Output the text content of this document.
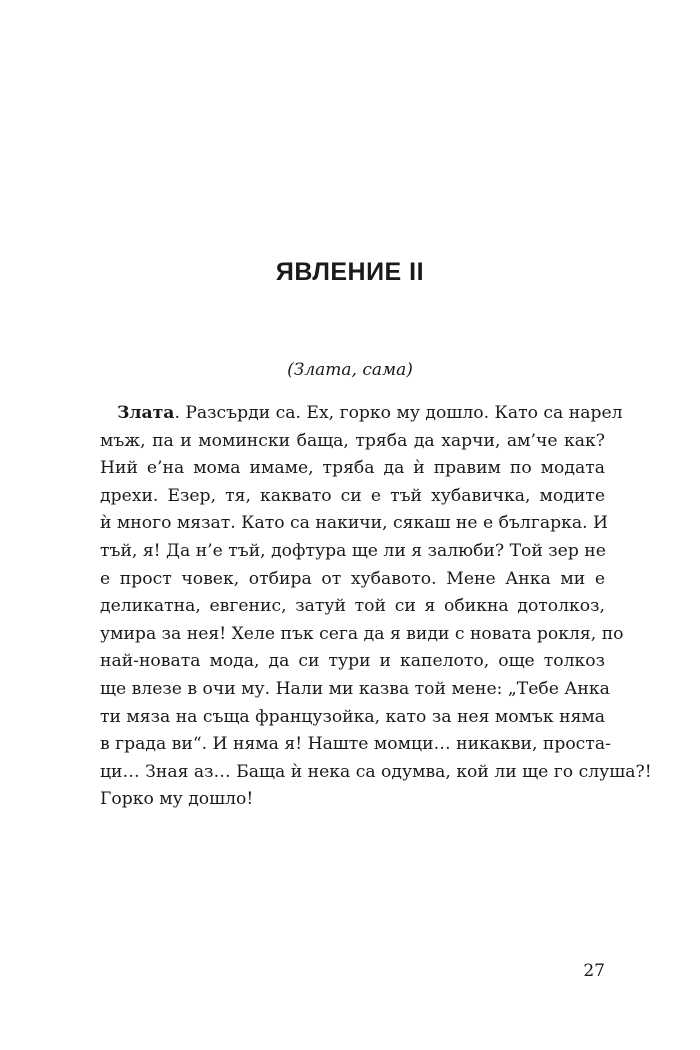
ЯВЛЕНИЕ II

(Злата, сама)

Злата. Разсърди са. Ех, горко му дошло. Като са нарел
мъж, па и момински баща, тряба да харчи, ам’че как?
Ний е’на мома имаме, тряба да ѝ правим по модата
дрехи. Езер, тя, каквато си е тъй хубавичка, модите
ѝ много мязат. Като са накичи, сякаш не е българка. И
тъй, я! Да н’е тъй, дофтура ще ли я залюби? Той зер не
е прост човек, отбира от хубавото. Мене Анка ми е
деликатна, евгенис, затуй той си я обикна дотолкоз,
умира за нея! Хеле пък сега да я види с новата рокля, по
най-новата мода, да си тури и капелото, още толкоз
ще влезе в очи му. Нали ми казва той мене: „Тебе Анка
ти мяза на съща французойка, като за нея момък няма
в града ви“. И няма я! Наште момци… никакви, проста-
ци… Зная аз… Баща ѝ нека са одумва, кой ли ще го слуша?!
Горко му дошло!

27
